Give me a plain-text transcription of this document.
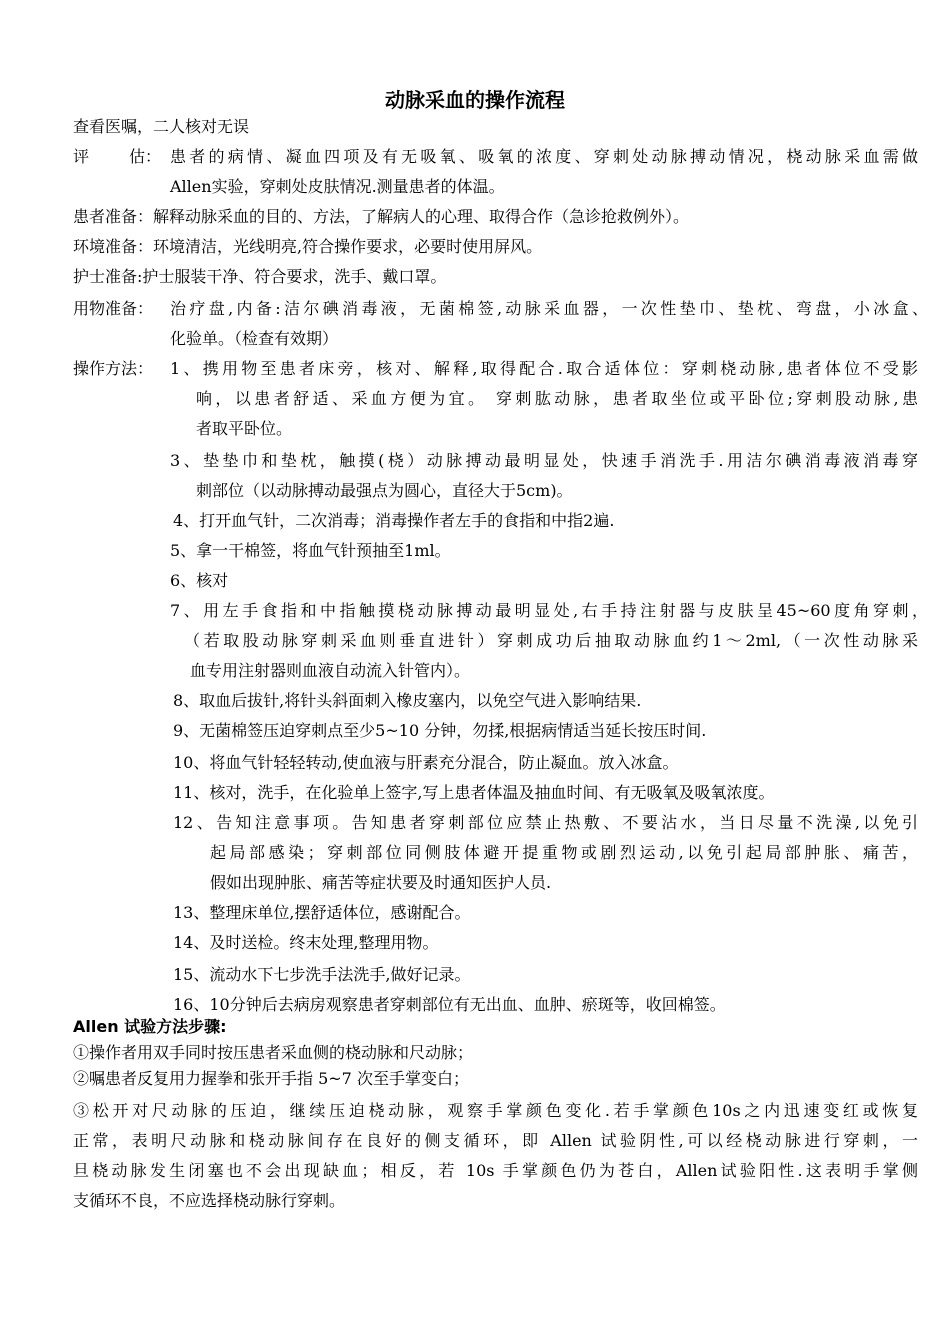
动脉采血的操作流程
查看医嘱，二人核对无误
评 估： 患者的病情、凝血四项及有无吸氧、吸氧的浓度、穿刺处动脉搏动情况，桡动脉采血需做
Allen实验，穿刺处皮肤情况.测量患者的体温。
患者准备：解释动脉采血的目的、方法，了解病人的心理、取得合作（急诊抢救例外）。
环境准备：环境清洁，光线明亮,符合操作要求，必要时使用屏风。
护士准备:护士服装干净、符合要求，洗手、戴口罩。
用物准备： 治疗盘,内备:洁尔碘消毒液，无菌棉签,动脉采血器，一次性垫巾、垫枕、弯盘，小冰盒、
化验单。（检查有效期）
操作方法： 1、携用物至患者床旁，核对、解释,取得配合.取合适体位：穿刺桡动脉,患者体位不受影
响，以患者舒适、采血方便为宜。 穿刺肱动脉，患者取坐位或平卧位;穿刺股动脉,患
者取平卧位。
3、垫垫巾和垫枕，触摸(桡）动脉搏动最明显处，快速手消洗手.用洁尔碘消毒液消毒穿
刺部位（以动脉搏动最强点为圆心，直径大于5cm)。
4、打开血气针，二次消毒；消毒操作者左手的食指和中指2遍.
5、拿一干棉签，将血气针预抽至1ml。
6、核对
7、用左手食指和中指触摸桡动脉搏动最明显处,右手持注射器与皮肤呈45~60度角穿刺，
（若取股动脉穿刺采血则垂直进针）穿刺成功后抽取动脉血约1～2ml,（一次性动脉采
血专用注射器则血液自动流入针管内）。
8、取血后拔针,将针头斜面刺入橡皮塞内，以免空气进入影响结果.
9、无菌棉签压迫穿刺点至少5~10 分钟，勿揉,根据病情适当延长按压时间.
10、将血气针轻轻转动,使血液与肝素充分混合，防止凝血。放入冰盒。
11、核对，洗手，在化验单上签字,写上患者体温及抽血时间、有无吸氧及吸氧浓度。
12、告知注意事项。告知患者穿刺部位应禁止热敷、不要沾水，当日尽量不洗澡,以免引
起局部感染；穿刺部位同侧肢体避开提重物或剧烈运动,以免引起局部肿胀、痛苦，
假如出现肿胀、痛苦等症状要及时通知医护人员.
13、整理床单位,摆舒适体位，感谢配合。
14、及时送检。终末处理,整理用物。
15、流动水下七步洗手法洗手,做好记录。
16、10分钟后去病房观察患者穿刺部位有无出血、血肿、瘀斑等，收回棉签。
Allen 试验方法步骤:
①操作者用双手同时按压患者采血侧的桡动脉和尺动脉；
②嘱患者反复用力握拳和张开手指 5~7 次至手掌变白；
③松开对尺动脉的压迫，继续压迫桡动脉，观察手掌颜色变化.若手掌颜色10s之内迅速变红或恢复
正常，表明尺动脉和桡动脉间存在良好的侧支循环，即 Allen 试验阴性,可以经桡动脉进行穿刺，一
旦桡动脉发生闭塞也不会出现缺血；相反，若 10s 手掌颜色仍为苍白，Allen试验阳性.这表明手掌侧
支循环不良，不应选择桡动脉行穿刺。
